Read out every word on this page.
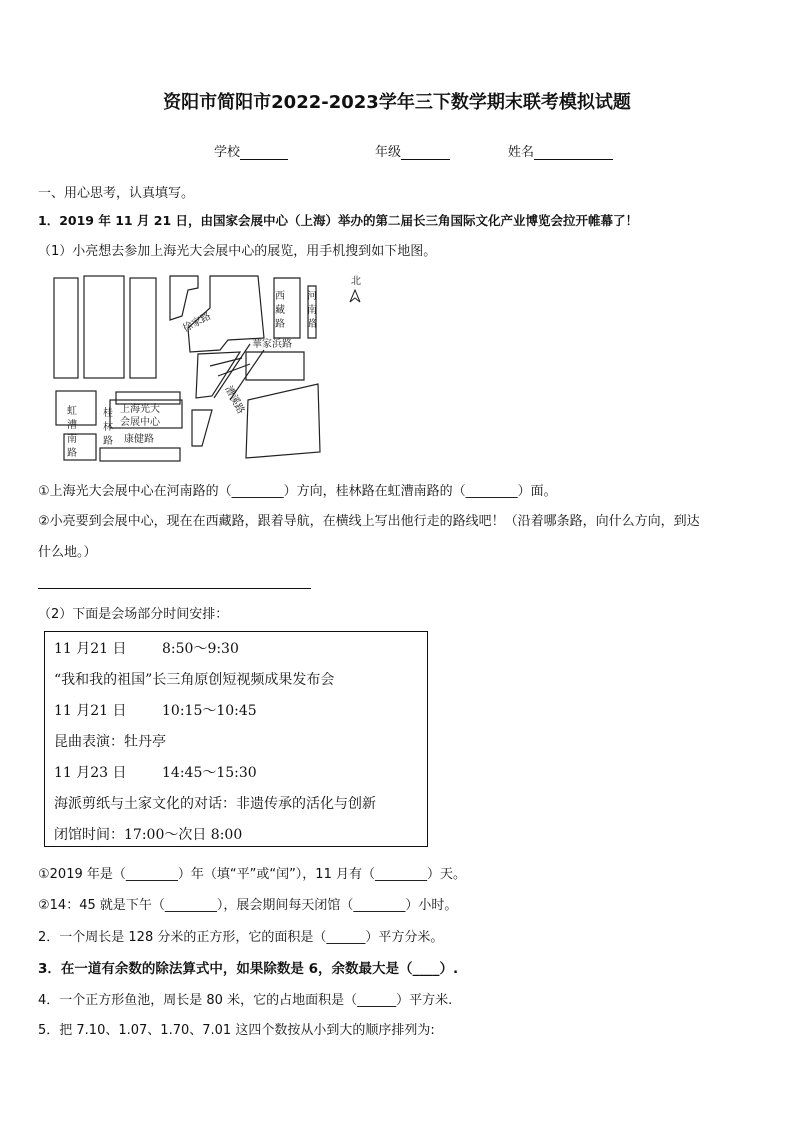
资阳市简阳市2022-2023学年三下数学期末联考模拟试题
学校	年级	姓名
一、用心思考，认真填写。
1．2019 年 11 月 21 日，由国家会展中心（上海）举办的第二届长三角国际文化产业博览会拉开帷幕了！
（1）小亮想去参加上海光大会展中心的展览，用手机搜到如下地图。
北
西藏路
河南路
虹漕南路
桂林路
華家浜路
徐家路
漕溪路
上海光大
会展中心
康健路
①上海光大会展中心在河南路的（________）方向，桂林路在虹漕南路的（________）面。
②小亮要到会展中心，现在在西藏路，跟着导航，在横线上写出他行走的路线吧！（沿着哪条路，向什么方向，到达
什么地。）
（2）下面是会场部分时间安排：
11 月21 日	8:50～9:30
“我和我的祖国”长三角原创短视频成果发布会
11 月21 日	10:15～10:45
昆曲表演：牡丹亭
11 月23 日	14:45～15:30
海派剪纸与土家文化的对话：非遗传承的活化与创新
闭馆时间：17:00～次日 8:00
①2019 年是（________）年（填“平”或“闰”），11 月有（________）天。
②14：45 就是下午（________），展会期间每天闭馆（________）小时。
2．一个周长是 128 分米的正方形，它的面积是（______）平方分米。
3．在一道有余数的除法算式中，如果除数是 6，余数最大是（____）.
4．一个正方形鱼池，周长是 80 米，它的占地面积是（______）平方米.
5．把 7.10、1.07、1.70、7.01 这四个数按从小到大的顺序排列为:
